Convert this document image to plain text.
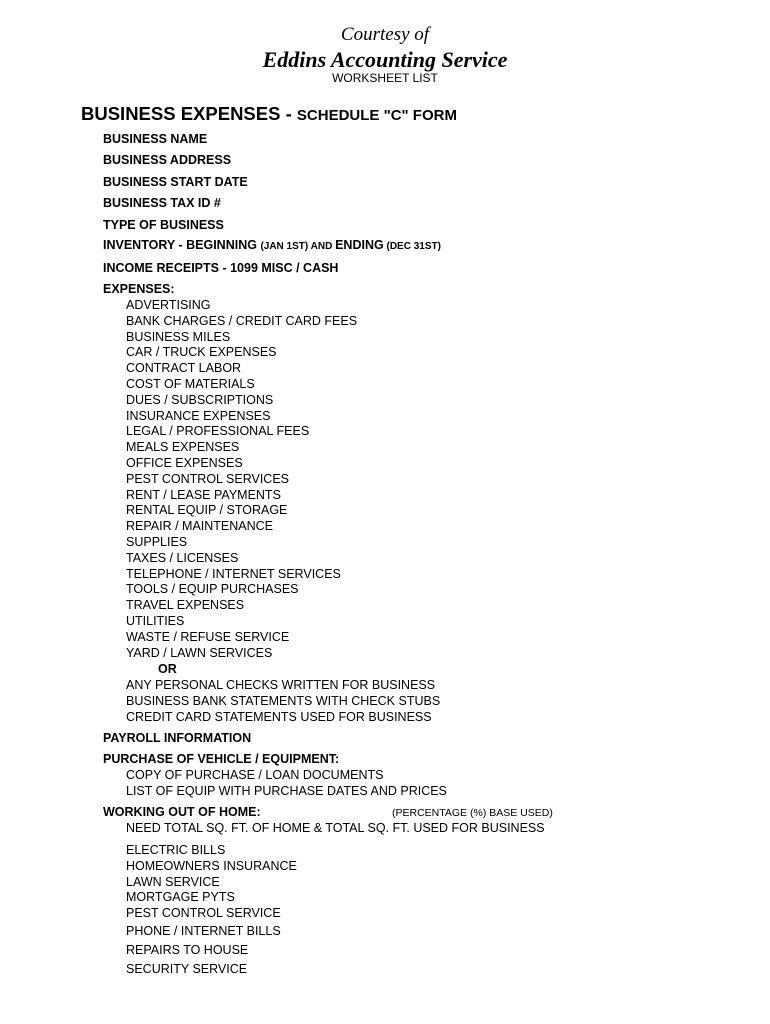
Courtesy of
Eddins Accounting Service
WORKSHEET LIST
BUSINESS EXPENSES - SCHEDULE "C" FORM
BUSINESS NAME
BUSINESS ADDRESS
BUSINESS START DATE
BUSINESS TAX ID #
TYPE OF BUSINESS
INVENTORY - BEGINNING (JAN 1ST) AND ENDING (DEC 31ST)
INCOME RECEIPTS - 1099 MISC / CASH
EXPENSES:
ADVERTISING
BANK CHARGES / CREDIT CARD FEES
BUSINESS MILES
CAR / TRUCK EXPENSES
CONTRACT LABOR
COST OF MATERIALS
DUES / SUBSCRIPTIONS
INSURANCE EXPENSES
LEGAL / PROFESSIONAL FEES
MEALS EXPENSES
OFFICE EXPENSES
PEST CONTROL SERVICES
RENT / LEASE PAYMENTS
RENTAL EQUIP / STORAGE
REPAIR / MAINTENANCE
SUPPLIES
TAXES / LICENSES
TELEPHONE / INTERNET SERVICES
TOOLS / EQUIP PURCHASES
TRAVEL EXPENSES
UTILITIES
WASTE / REFUSE SERVICE
YARD / LAWN SERVICES
OR
ANY PERSONAL CHECKS WRITTEN FOR BUSINESS
BUSINESS BANK STATEMENTS WITH CHECK STUBS
CREDIT CARD STATEMENTS USED FOR BUSINESS
PAYROLL INFORMATION
PURCHASE OF VEHICLE / EQUIPMENT:
COPY OF PURCHASE / LOAN DOCUMENTS
LIST OF EQUIP WITH PURCHASE DATES AND PRICES
WORKING OUT OF HOME:	(PERCENTAGE (%) BASE USED)
NEED TOTAL SQ. FT. OF HOME & TOTAL SQ. FT. USED FOR BUSINESS
ELECTRIC BILLS
HOMEOWNERS INSURANCE
LAWN SERVICE
MORTGAGE PYTS
PEST CONTROL SERVICE
PHONE / INTERNET BILLS
REPAIRS TO HOUSE
SECURITY SERVICE
